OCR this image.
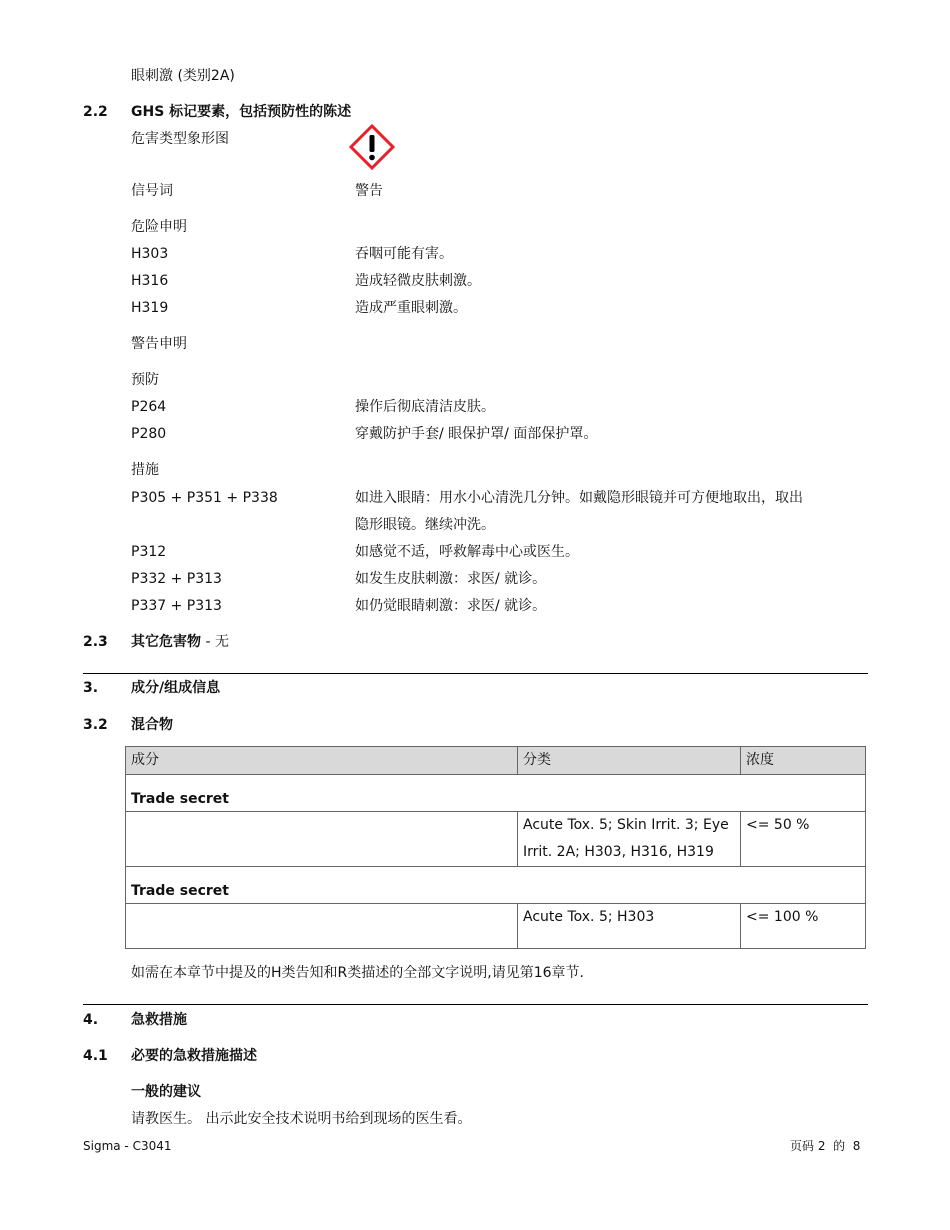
眼刺激 (类别2A)
2.2 GHS 标记要素，包括预防性的陈述
危害类型象形图
信号词	警告
危险申明
H303	吞咽可能有害。
H316	造成轻微皮肤刺激。
H319	造成严重眼刺激。
警告申明
预防
P264	操作后彻底清洁皮肤。
P280	穿戴防护手套/ 眼保护罩/ 面部保护罩。
措施
P305 + P351 + P338	如进入眼睛：用水小心清洗几分钟。如戴隐形眼镜并可方便地取出，取出
隐形眼镜。继续冲洗。
P312	如感觉不适，呼救解毒中心或医生。
P332 + P313	如发生皮肤刺激：求医/ 就诊。
P337 + P313	如仍觉眼睛刺激：求医/ 就诊。
2.3 其它危害物 - 无
3. 成分/组成信息
3.2 混合物
成分	分类	浓度
Trade secret		

	Acute Tox. 5; Skin Irrit. 3; Eye
Irrit. 2A; H303, H316, H319	<= 50 %
Trade secret		

	Acute Tox. 5; H303	<= 100 %
如需在本章节中提及的H类告知和R类描述的全部文字说明,请见第16章节.
4. 急救措施
4.1 必要的急救措施描述
一般的建议
请教医生。 出示此安全技术说明书给到现场的医生看。
Sigma - C3041	页码 2  的  8
